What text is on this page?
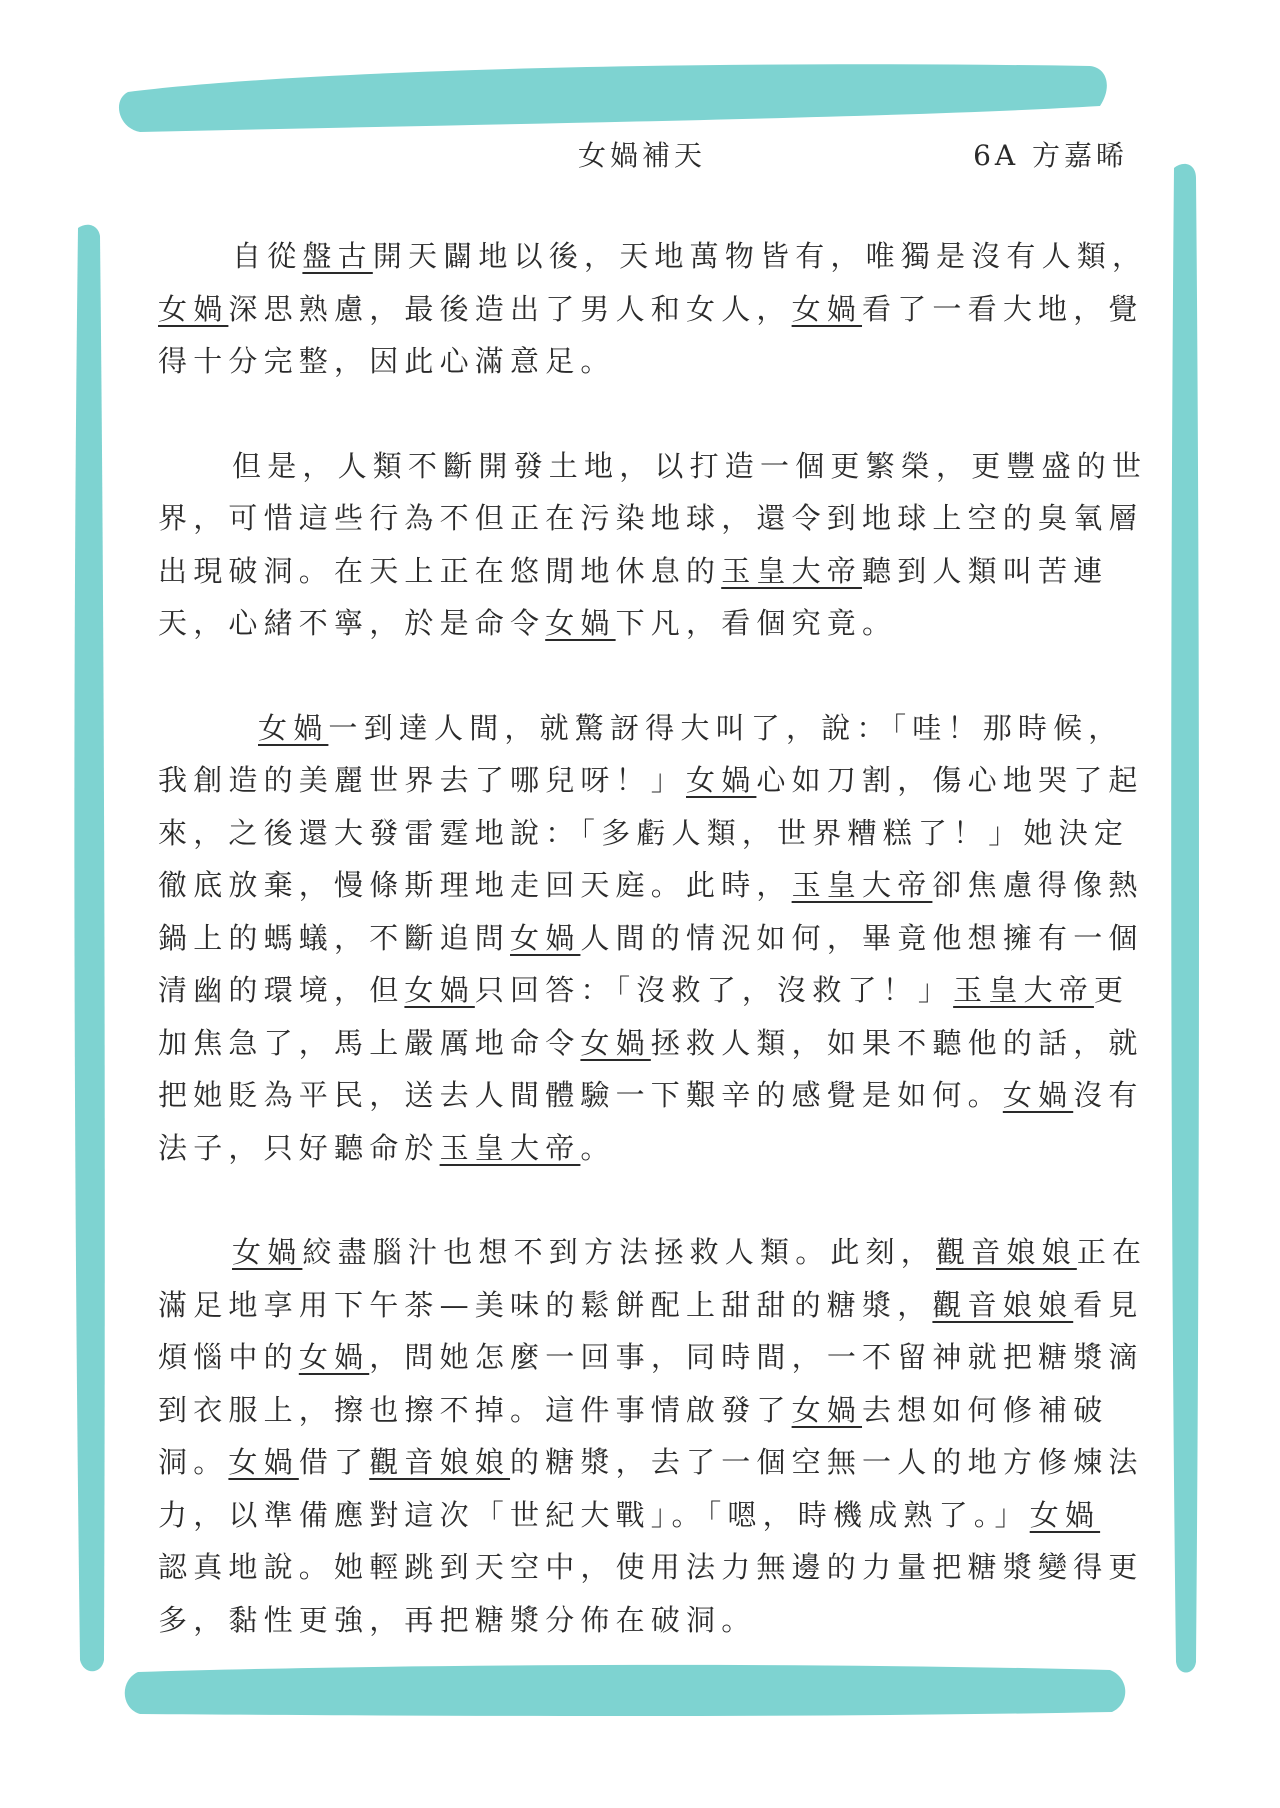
女媧補天	6A 方嘉晞
自從盤古開天闢地以後，天地萬物皆有，唯獨是沒有人類，
女媧深思熟慮，最後造出了男人和女人，女媧看了一看大地，覺
得十分完整，因此心滿意足。
但是，人類不斷開發土地，以打造一個更繁榮，更豐盛的世
界，可惜這些行為不但正在污染地球，還令到地球上空的臭氧層
出現破洞。在天上正在悠閒地休息的玉皇大帝聽到人類叫苦連
天，心緒不寧，於是命令女媧下凡，看個究竟。
女媧一到達人間，就驚訝得大叫了，說：「哇！那時候，
我創造的美麗世界去了哪兒呀！」女媧心如刀割，傷心地哭了起
來，之後還大發雷霆地說：「多虧人類，世界糟糕了！」她決定
徹底放棄，慢條斯理地走回天庭。此時，玉皇大帝卻焦慮得像熱
鍋上的螞蟻，不斷追問女媧人間的情況如何，畢竟他想擁有一個
清幽的環境，但女媧只回答：「沒救了，沒救了！」玉皇大帝更
加焦急了，馬上嚴厲地命令女媧拯救人類，如果不聽他的話，就
把她貶為平民，送去人間體驗一下艱辛的感覺是如何。女媧沒有
法子，只好聽命於玉皇大帝。
女媧絞盡腦汁也想不到方法拯救人類。此刻，觀音娘娘正在
滿足地享用下午茶—美味的鬆餅配上甜甜的糖漿，觀音娘娘看見
煩惱中的女媧，問她怎麼一回事，同時間，一不留神就把糖漿滴
到衣服上，擦也擦不掉。這件事情啟發了女媧去想如何修補破
洞。女媧借了觀音娘娘的糖漿，去了一個空無一人的地方修煉法
力，以準備應對這次「世紀大戰」。「嗯，時機成熟了。」女媧
認真地說。她輕跳到天空中，使用法力無邊的力量把糖漿變得更
多，黏性更強，再把糖漿分佈在破洞。
